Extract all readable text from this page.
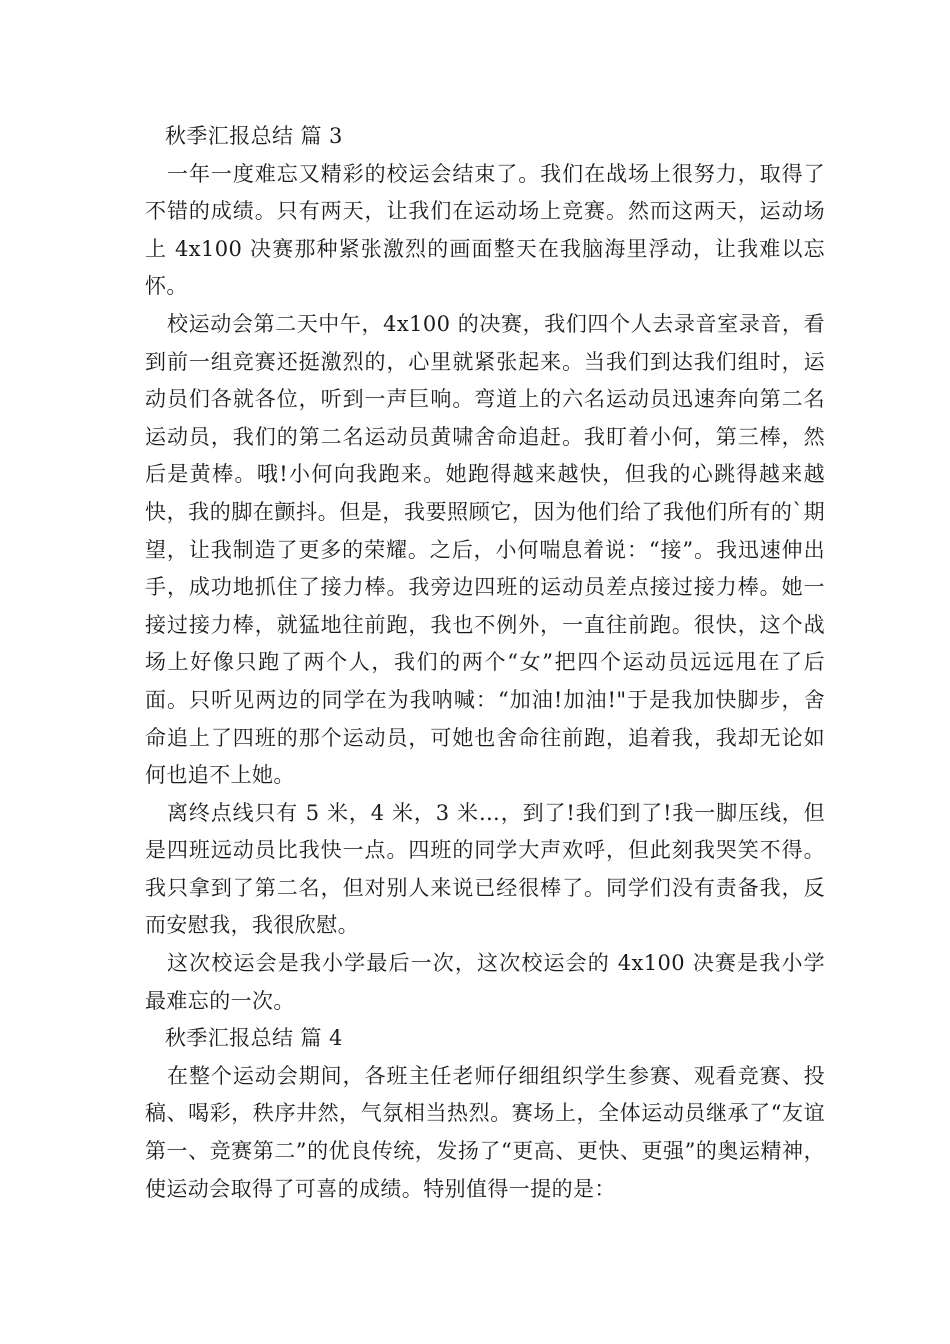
秋季汇报总结 篇 3

一年一度难忘又精彩的校运会结束了。我们在战场上很努力，取得了不错的成绩。只有两天，让我们在运动场上竞赛。然而这两天，运动场上 4x100 决赛那种紧张激烈的画面整天在我脑海里浮动，让我难以忘怀。

校运动会第二天中午，4x100 的决赛，我们四个人去录音室录音，看到前一组竞赛还挺激烈的，心里就紧张起来。当我们到达我们组时，运动员们各就各位，听到一声巨响。弯道上的六名运动员迅速奔向第二名运动员，我们的第二名运动员黄啸舍命追赶。我盯着小何，第三棒，然后是黄棒。哦!小何向我跑来。她跑得越来越快，但我的心跳得越来越快，我的脚在颤抖。但是，我要照顾它，因为他们给了我他们所有的`期望，让我制造了更多的荣耀。之后，小何喘息着说：“接”。我迅速伸出手，成功地抓住了接力棒。我旁边四班的运动员差点接过接力棒。她一接过接力棒，就猛地往前跑，我也不例外，一直往前跑。很快，这个战场上好像只跑了两个人，我们的两个“女”把四个运动员远远甩在了后面。只听见两边的同学在为我呐喊：“加油!加油!"于是我加快脚步，舍命追上了四班的那个运动员，可她也舍命往前跑，追着我，我却无论如何也追不上她。

离终点线只有 5 米，4 米，3 米…，到了!我们到了!我一脚压线，但是四班远动员比我快一点。四班的同学大声欢呼，但此刻我哭笑不得。我只拿到了第二名，但对别人来说已经很棒了。同学们没有责备我，反而安慰我，我很欣慰。

这次校运会是我小学最后一次，这次校运会的 4x100 决赛是我小学最难忘的一次。

秋季汇报总结 篇 4

在整个运动会期间，各班主任老师仔细组织学生参赛、观看竞赛、投稿、喝彩，秩序井然，气氛相当热烈。赛场上，全体运动员继承了“友谊第一、竞赛第二”的优良传统，发扬了“更高、更快、更强”的奥运精神，使运动会取得了可喜的成绩。特别值得一提的是：
